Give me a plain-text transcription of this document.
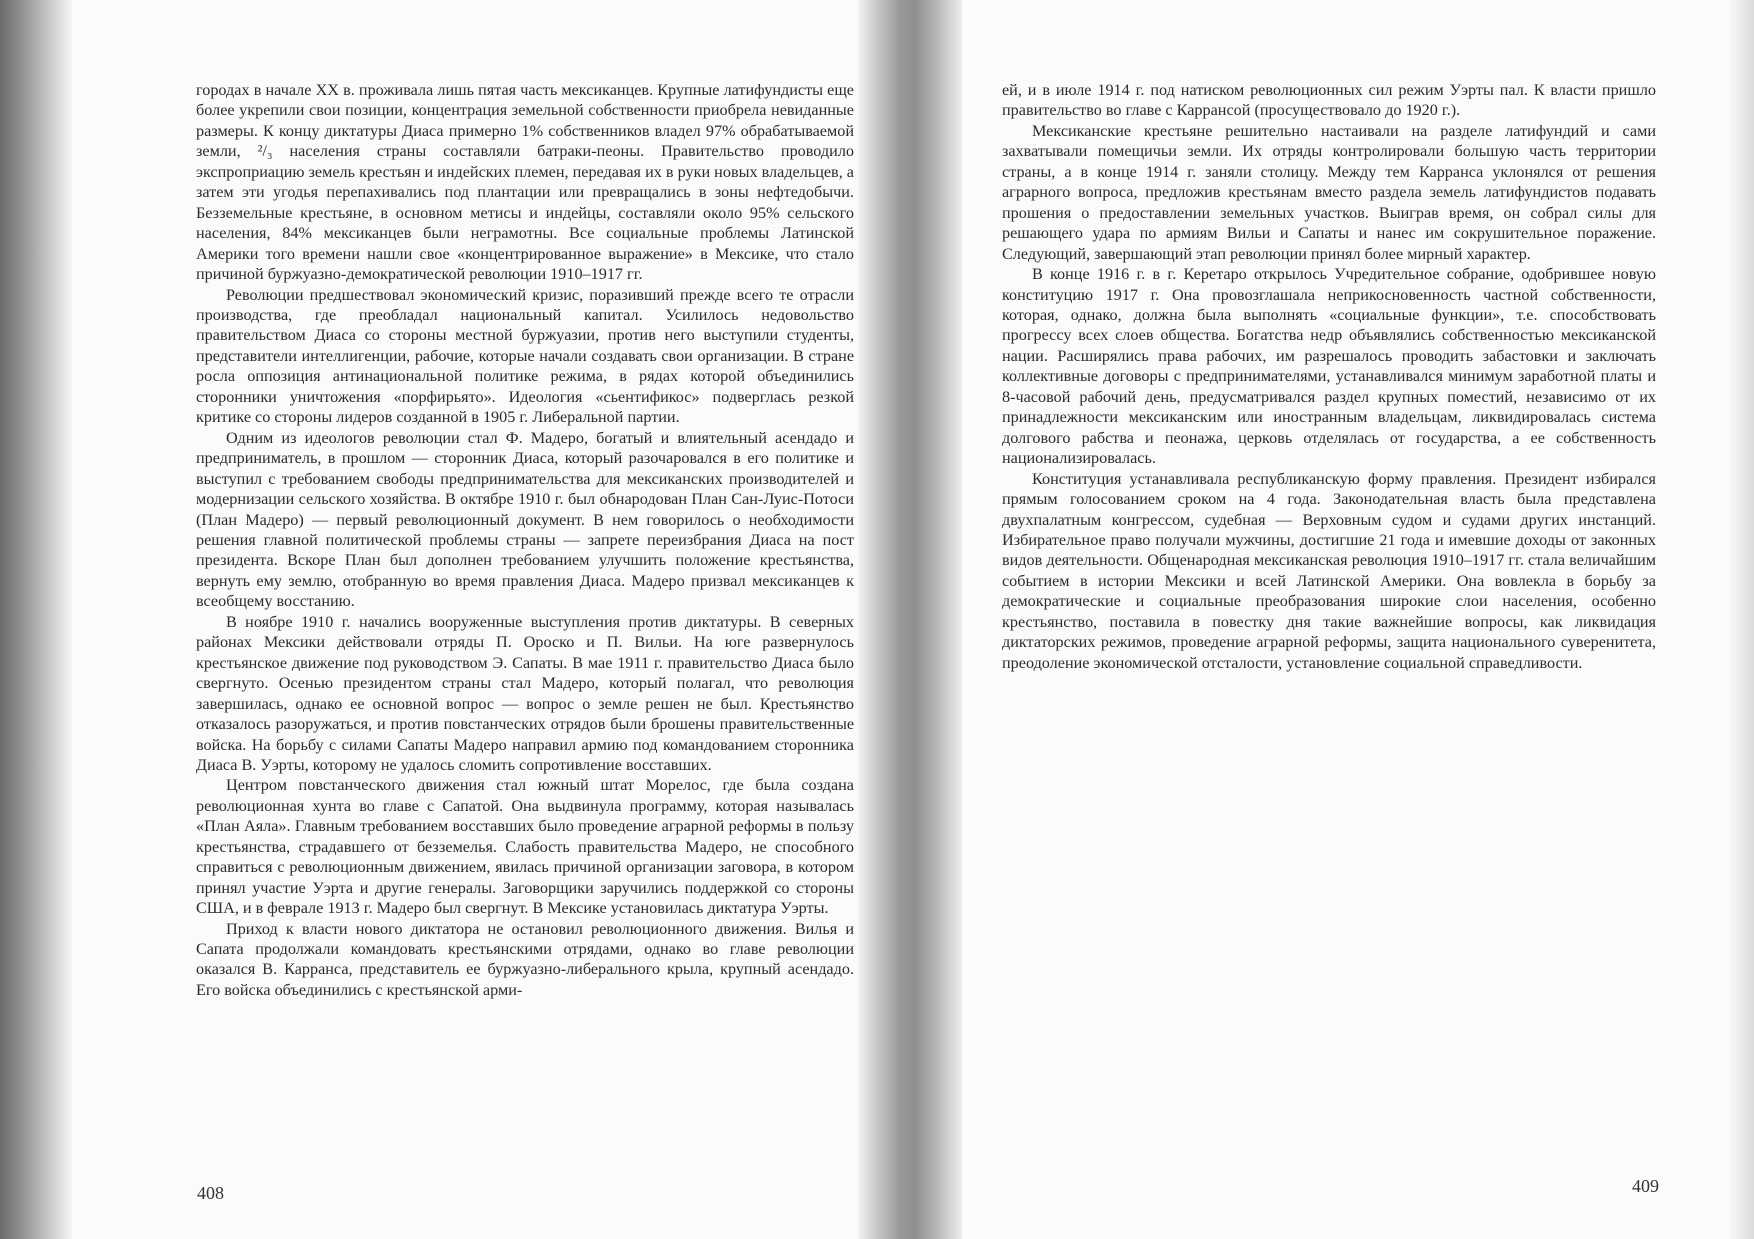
городах в начале XX в. проживала лишь пятая часть мексиканцев. Крупные латифундисты еще более укрепили свои позиции, концентрация земельной собственности приобрела невиданные размеры. К концу диктатуры Диаса примерно 1% собственников владел 97% обрабатываемой земли, ²/₃ населения страны составляли батраки-пеоны. Правительство проводило экспроприацию земель крестьян и индейских племен, передавая их в руки новых владельцев, а затем эти угодья перепахивались под плантации или превращались в зоны нефтедобычи. Безземельные крестьяне, в основном метисы и индейцы, составляли около 95% сельского населения, 84% мексиканцев были неграмотны. Все социальные проблемы Латинской Америки того времени нашли свое «концентрированное выражение» в Мексике, что стало причиной буржуазно-демократической революции 1910–1917 гг.

Революции предшествовал экономический кризис, поразивший прежде всего те отрасли производства, где преобладал национальный капитал. Усилилось недовольство правительством Диаса со стороны местной буржуазии, против него выступили студенты, представители интеллигенции, рабочие, которые начали создавать свои организации. В стране росла оппозиция антинациональной политике режима, в рядах которой объединились сторонники уничтожения «порфирьято». Идеология «сьентификос» подверглась резкой критике со стороны лидеров созданной в 1905 г. Либеральной партии.

Одним из идеологов революции стал Ф. Мадеро, богатый и влиятельный асендадо и предприниматель, в прошлом — сторонник Диаса, который разочаровался в его политике и выступил с требованием свободы предпринимательства для мексиканских производителей и модернизации сельского хозяйства. В октябре 1910 г. был обнародован План Сан-Луис-Потоси (План Мадеро) — первый революционный документ. В нем говорилось о необходимости решения главной политической проблемы страны — запрете переизбрания Диаса на пост президента. Вскоре План был дополнен требованием улучшить положение крестьянства, вернуть ему землю, отобранную во время правления Диаса. Мадеро призвал мексиканцев к всеобщему восстанию.

В ноябре 1910 г. начались вооруженные выступления против диктатуры. В северных районах Мексики действовали отряды П. Ороско и П. Вильи. На юге развернулось крестьянское движение под руководством Э. Сапаты. В мае 1911 г. правительство Диаса было свергнуто. Осенью президентом страны стал Мадеро, который полагал, что революция завершилась, однако ее основной вопрос — вопрос о земле решен не был. Крестьянство отказалось разоружаться, и против повстанческих отрядов были брошены правительственные войска. На борьбу с силами Сапаты Мадеро направил армию под командованием сторонника Диаса В. Уэрты, которому не удалось сломить сопротивление восставших.

Центром повстанческого движения стал южный штат Морелос, где была создана революционная хунта во главе с Сапатой. Она выдвинула программу, которая называлась «План Аяла». Главным требованием восставших было проведение аграрной реформы в пользу крестьянства, страдавшего от безземелья. Слабость правительства Мадеро, не способного справиться с революционным движением, явилась причиной организации заговора, в котором принял участие Уэрта и другие генералы. Заговорщики заручились поддержкой со стороны США, и в феврале 1913 г. Мадеро был свергнут. В Мексике установилась диктатура Уэрты.

Приход к власти нового диктатора не остановил революционного движения. Вилья и Сапата продолжали командовать крестьянскими отрядами, однако во главе революции оказался В. Карранса, представитель ее буржуазно-либерального крыла, крупный асендадо. Его войска объединились с крестьянской арми-

408	409

ей, и в июле 1914 г. под натиском революционных сил режим Уэрты пал. К власти пришло правительство во главе с Каррансой (просуществовало до 1920 г.).

Мексиканские крестьяне решительно настаивали на разделе латифундий и сами захватывали помещичьи земли. Их отряды контролировали большую часть территории страны, а в конце 1914 г. заняли столицу. Между тем Карранса уклонялся от решения аграрного вопроса, предложив крестьянам вместо раздела земель латифундистов подавать прошения о предоставлении земельных участков. Выиграв время, он собрал силы для решающего удара по армиям Вильи и Сапаты и нанес им сокрушительное поражение. Следующий, завершающий этап революции принял более мирный характер.

В конце 1916 г. в г. Керетаро открылось Учредительное собрание, одобрившее новую конституцию 1917 г. Она провозглашала неприкосновенность частной собственности, которая, однако, должна была выполнять «социальные функции», т.е. способствовать прогрессу всех слоев общества. Богатства недр объявлялись собственностью мексиканской нации. Расширялись права рабочих, им разрешалось проводить забастовки и заключать коллективные договоры с предпринимателями, устанавливался минимум заработной платы и 8-часовой рабочий день, предусматривался раздел крупных поместий, независимо от их принадлежности мексиканским или иностранным владельцам, ликвидировалась система долгового рабства и пеонажа, церковь отделялась от государства, а ее собственность национализировалась.

Конституция устанавливала республиканскую форму правления. Президент избирался прямым голосованием сроком на 4 года. Законодательная власть была представлена двухпалатным конгрессом, судебная — Верховным судом и судами других инстанций. Избирательное право получали мужчины, достигшие 21 года и имевшие доходы от законных видов деятельности. Общенародная мексиканская революция 1910–1917 гг. стала величайшим событием в истории Мексики и всей Латинской Америки. Она вовлекла в борьбу за демократические и социальные преобразования широкие слои населения, особенно крестьянство, поставила в повестку дня такие важнейшие вопросы, как ликвидация диктаторских режимов, проведение аграрной реформы, защита национального суверенитета, преодоление экономической отсталости, установление социальной справедливости.
